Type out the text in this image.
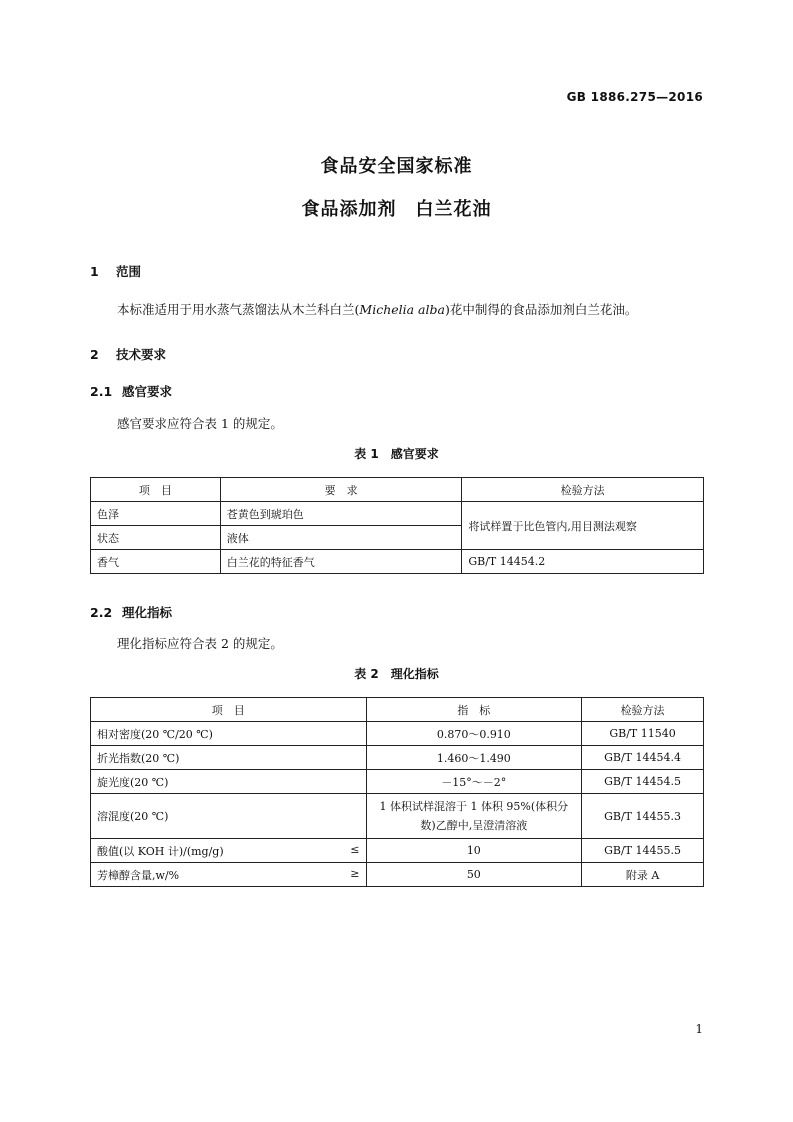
GB 1886.275—2016
食品安全国家标准
食品添加剂　白兰花油
1 范围
本标准适用于用水蒸气蒸馏法从木兰科白兰(Michelia alba)花中制得的食品添加剂白兰花油。
2 技术要求
2.1 感官要求
感官要求应符合表 1 的规定。
表 1　感官要求
项　目	要　求	检验方法
色泽	苍黄色到琥珀色	将试样置于比色管内,用目测法观察
状态	液体	
香气	白兰花的特征香气	GB/T 14454.2
2.2 理化指标
理化指标应符合表 2 的规定。
表 2　理化指标
项　目	指　标	检验方法
相对密度(20 ℃/20 ℃)	0.870～0.910	GB/T 11540
折光指数(20 ℃)	1.460～1.490	GB/T 14454.4
旋光度(20 ℃)	－15°～－2°	GB/T 14454.5
溶混度(20 ℃)	1 体积试样混溶于 1 体积 95%(体积分数)乙醇中,呈澄清溶液	GB/T 14455.3
酸值(以 KOH 计)/(mg/g) ≤	10	GB/T 14455.5
芳樟醇含量,w/% ≥	50	附录 A
1
